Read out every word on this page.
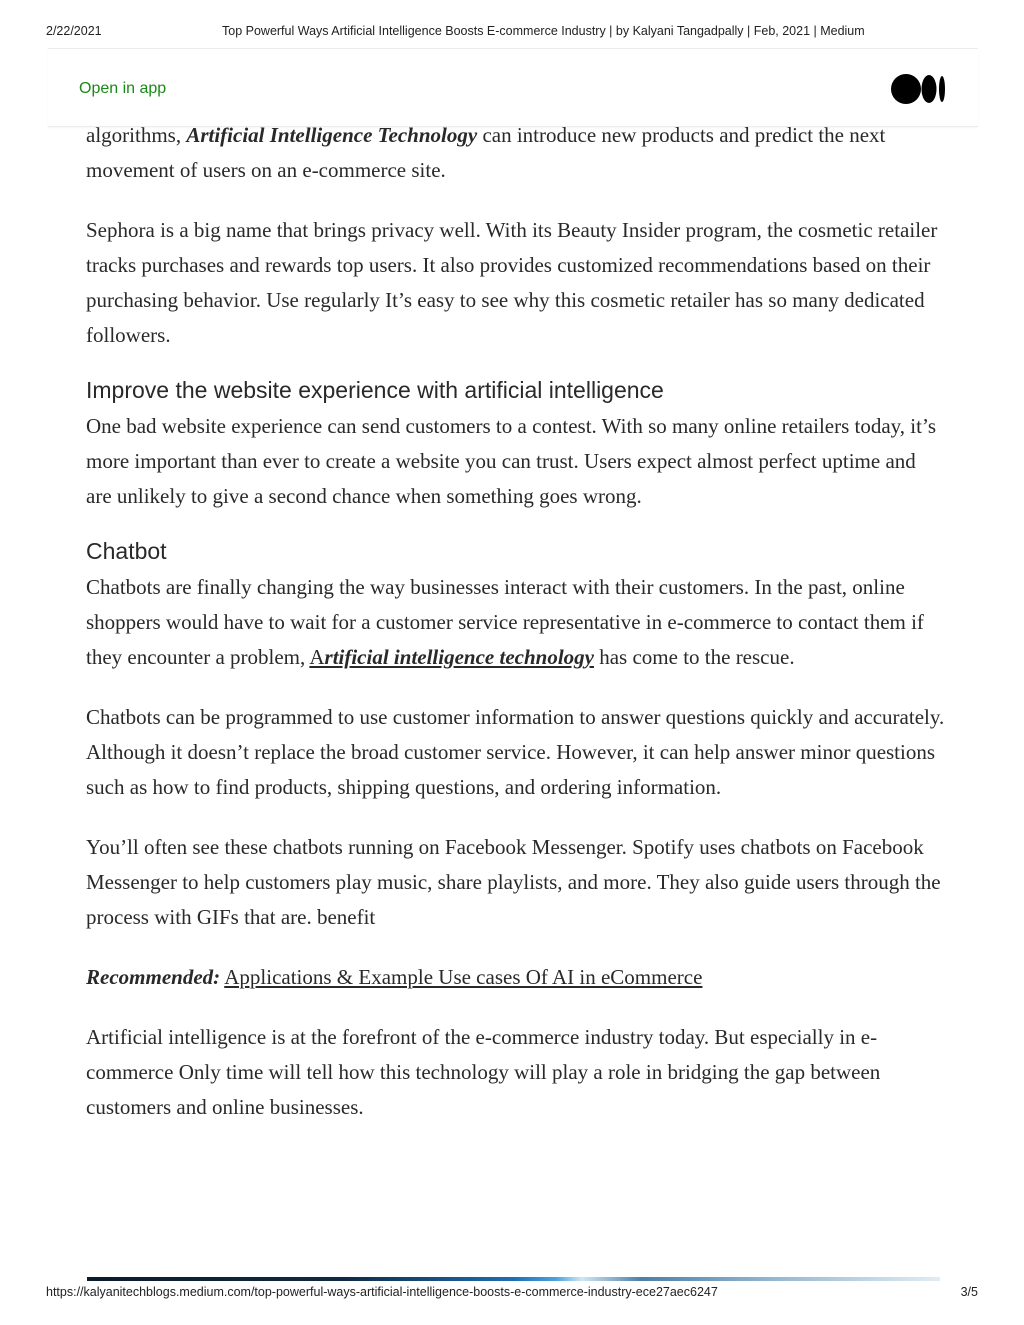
2/22/2021	Top Powerful Ways Artificial Intelligence Boosts E-commerce Industry | by Kalyani Tangadpally | Feb, 2021 | Medium
Open in app

algorithms, Artificial Intelligence Technology can introduce new products and predict the next movement of users on an e-commerce site.

Sephora is a big name that brings privacy well. With its Beauty Insider program, the cosmetic retailer tracks purchases and rewards top users. It also provides customized recommendations based on their purchasing behavior. Use regularly It’s easy to see why this cosmetic retailer has so many dedicated followers.

Improve the website experience with artificial intelligence

One bad website experience can send customers to a contest. With so many online retailers today, it’s more important than ever to create a website you can trust. Users expect almost perfect uptime and are unlikely to give a second chance when something goes wrong.

Chatbot

Chatbots are finally changing the way businesses interact with their customers. In the past, online shoppers would have to wait for a customer service representative in e-commerce to contact them if they encounter a problem, Artificial intelligence technology has come to the rescue.

Chatbots can be programmed to use customer information to answer questions quickly and accurately. Although it doesn’t replace the broad customer service. However, it can help answer minor questions such as how to find products, shipping questions, and ordering information.

You’ll often see these chatbots running on Facebook Messenger. Spotify uses chatbots on Facebook Messenger to help customers play music, share playlists, and more. They also guide users through the process with GIFs that are. benefit

Recommended: Applications & Example Use cases Of AI in eCommerce

Artificial intelligence is at the forefront of the e-commerce industry today. But especially in e-commerce Only time will tell how this technology will play a role in bridging the gap between customers and online businesses.

https://kalyanitechblogs.medium.com/top-powerful-ways-artificial-intelligence-boosts-e-commerce-industry-ece27aec6247	3/5
